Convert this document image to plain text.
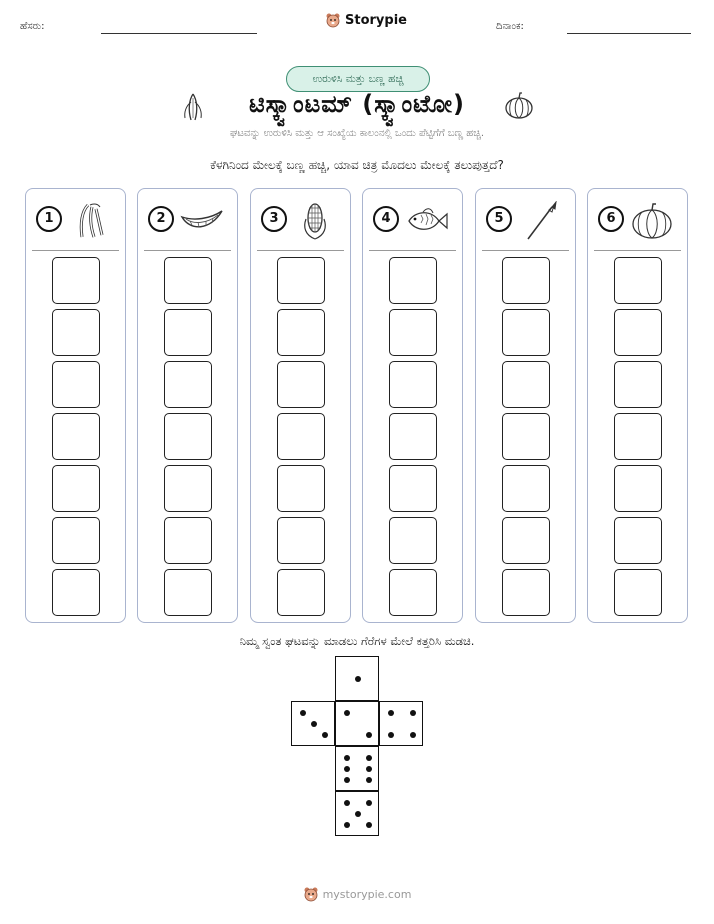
ಹೆಸರು:	Storypie	ದಿನಾಂಕ:
ಉರುಳಿಸಿ ಮತ್ತು ಬಣ್ಣ ಹಚ್ಚಿ
ಟಿಸ್ಕ್ವಾಂಟಮ್ (ಸ್ಕ್ವಾಂಟೋ)
ಘಟವನ್ನು ಉರುಳಿಸಿ ಮತ್ತು ಆ ಸಂಖ್ಯೆಯ ಕಾಲಂನಲ್ಲಿ ಒಂದು ಪೆಟ್ಟಿಗೆಗೆ ಬಣ್ಣ ಹಚ್ಚಿ.
ಕೆಳಗಿನಿಂದ ಮೇಲಕ್ಕೆ ಬಣ್ಣ ಹಚ್ಚಿ, ಯಾವ ಚಿತ್ರ ಮೊದಲು ಮೇಲಕ್ಕೆ ತಲುಪುತ್ತದೆ?
1	2	3	4	5	6
ನಿಮ್ಮ ಸ್ವಂತ ಘಟವನ್ನು ಮಾಡಲು ಗೆರೆಗಳ ಮೇಲೆ ಕತ್ತರಿಸಿ ಮಡಚಿ.
mystorypie.com
